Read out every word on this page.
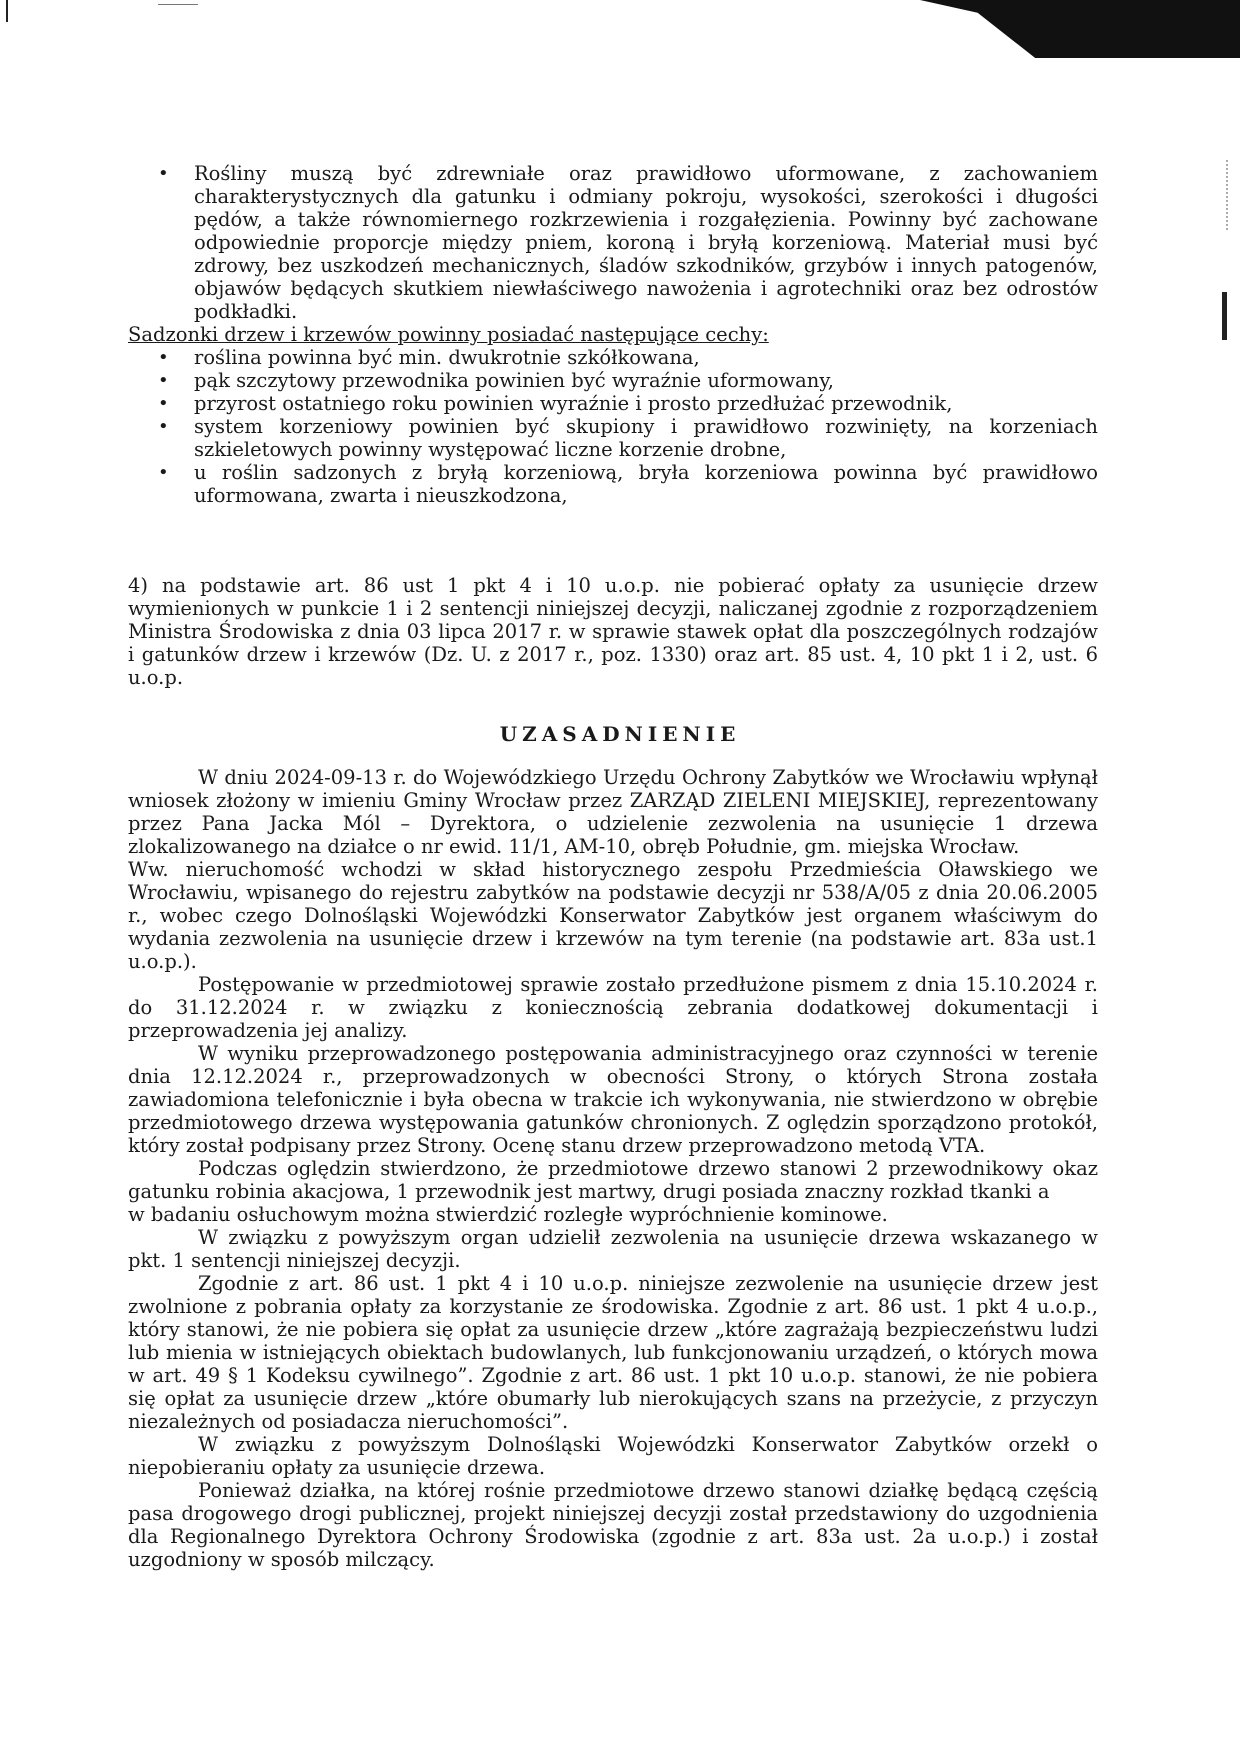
• Rośliny muszą być zdrewniałe oraz prawidłowo uformowane, z zachowaniem charakterystycznych dla gatunku i odmiany pokroju, wysokości, szerokości i długości pędów, a także równomiernego rozkrzewienia i rozgałęzienia. Powinny być zachowane odpowiednie proporcje między pniem, koroną i bryłą korzeniową. Materiał musi być zdrowy, bez uszkodzeń mechanicznych, śladów szkodników, grzybów i innych patogenów, objawów będących skutkiem niewłaściwego nawożenia i agrotechniki oraz bez odrostów podkładki.
Sadzonki drzew i krzewów powinny posiadać następujące cechy:
• roślina powinna być min. dwukrotnie szkółkowana,
• pąk szczytowy przewodnika powinien być wyraźnie uformowany,
• przyrost ostatniego roku powinien wyraźnie i prosto przedłużać przewodnik,
• system korzeniowy powinien być skupiony i prawidłowo rozwinięty, na korzeniach szkieletowych powinny występować liczne korzenie drobne,
• u roślin sadzonych z bryłą korzeniową, bryła korzeniowa powinna być prawidłowo uformowana, zwarta i nieuszkodzona,

4) na podstawie art. 86 ust 1 pkt 4 i 10 u.o.p. nie pobierać opłaty za usunięcie drzew wymienionych w punkcie 1 i 2 sentencji niniejszej decyzji, naliczanej zgodnie z rozporządzeniem Ministra Środowiska z dnia 03 lipca 2017 r. w sprawie stawek opłat dla poszczególnych rodzajów i gatunków drzew i krzewów (Dz. U. z 2017 r., poz. 1330) oraz art. 85 ust. 4, 10 pkt 1 i 2, ust. 6 u.o.p.

UZASADNIENIE

W dniu 2024-09-13 r. do Wojewódzkiego Urzędu Ochrony Zabytków we Wrocławiu wpłynął wniosek złożony w imieniu Gminy Wrocław przez ZARZĄD ZIELENI MIEJSKIEJ, reprezentowany przez Pana Jacka Mól – Dyrektora, o udzielenie zezwolenia na usunięcie 1 drzewa zlokalizowanego na działce o nr ewid. 11/1, AM-10, obręb Południe, gm. miejska Wrocław.

Ww. nieruchomość wchodzi w skład historycznego zespołu Przedmieścia Oławskiego we Wrocławiu, wpisanego do rejestru zabytków na podstawie decyzji nr 538/A/05 z dnia 20.06.2005 r., wobec czego Dolnośląski Wojewódzki Konserwator Zabytków jest organem właściwym do wydania zezwolenia na usunięcie drzew i krzewów na tym terenie (na podstawie art. 83a ust.1 u.o.p.).

Postępowanie w przedmiotowej sprawie zostało przedłużone pismem z dnia 15.10.2024 r. do 31.12.2024 r. w związku z koniecznością zebrania dodatkowej dokumentacji i przeprowadzenia jej analizy.

W wyniku przeprowadzonego postępowania administracyjnego oraz czynności w terenie dnia 12.12.2024 r., przeprowadzonych w obecności Strony, o których Strona została zawiadomiona telefonicznie i była obecna w trakcie ich wykonywania, nie stwierdzono w obrębie przedmiotowego drzewa występowania gatunków chronionych. Z oględzin sporządzono protokół, który został podpisany przez Strony. Ocenę stanu drzew przeprowadzono metodą VTA.

Podczas oględzin stwierdzono, że przedmiotowe drzewo stanowi 2 przewodnikowy okaz gatunku robinia akacjowa, 1 przewodnik jest martwy, drugi posiada znaczny rozkład tkanki a

w badaniu osłuchowym można stwierdzić rozległe wypróchnienie kominowe.

W związku z powyższym organ udzielił zezwolenia na usunięcie drzewa wskazanego w pkt. 1 sentencji niniejszej decyzji.

Zgodnie z art. 86 ust. 1 pkt 4 i 10 u.o.p. niniejsze zezwolenie na usunięcie drzew jest zwolnione z pobrania opłaty za korzystanie ze środowiska. Zgodnie z art. 86 ust. 1 pkt 4 u.o.p., który stanowi, że nie pobiera się opłat za usunięcie drzew „które zagrażają bezpieczeństwu ludzi lub mienia w istniejących obiektach budowlanych, lub funkcjonowaniu urządzeń, o których mowa w art. 49 § 1 Kodeksu cywilnego”. Zgodnie z art. 86 ust. 1 pkt 10 u.o.p. stanowi, że nie pobiera się opłat za usunięcie drzew „które obumarły lub nierokujących szans na przeżycie, z przyczyn niezależnych od posiadacza nieruchomości”.

W związku z powyższym Dolnośląski Wojewódzki Konserwator Zabytków orzekł o niepobieraniu opłaty za usunięcie drzewa.

Ponieważ działka, na której rośnie przedmiotowe drzewo stanowi działkę będącą częścią pasa drogowego drogi publicznej, projekt niniejszej decyzji został przedstawiony do uzgodnienia dla Regionalnego Dyrektora Ochrony Środowiska (zgodnie z art. 83a ust. 2a u.o.p.) i został uzgodniony w sposób milczący.
